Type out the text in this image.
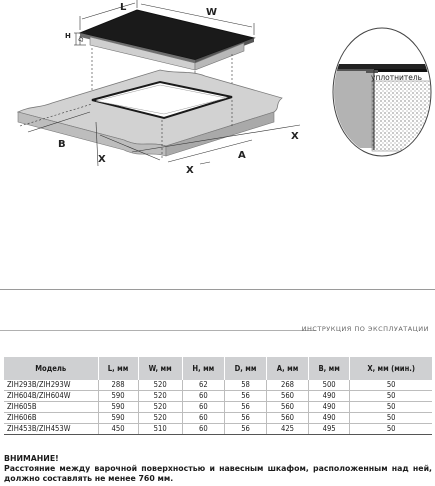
L	W
H D
B
A
X
X
X
уплотнитель
ИНСТРУКЦИЯ ПО ЭКСПЛУАТАЦИИ
Модель	L, мм	W, мм	H, мм	D, мм	A, мм	B, мм	X, мм (мин.)
ZIH293B/ZIH293W	288	520	62	58	268	500	50
ZIH604B/ZIH604W	590	520	60	56	560	490	50
ZIH605B	590	520	60	56	560	490	50
ZIH606B	590	520	60	56	560	490	50
ZIH453B/ZIH453W	450	510	60	56	425	495	50
ВНИМАНИЕ!
Расстояние между варочной поверхностью и навесным шкафом, расположенным над ней, должно составлять не менее 760 мм.
